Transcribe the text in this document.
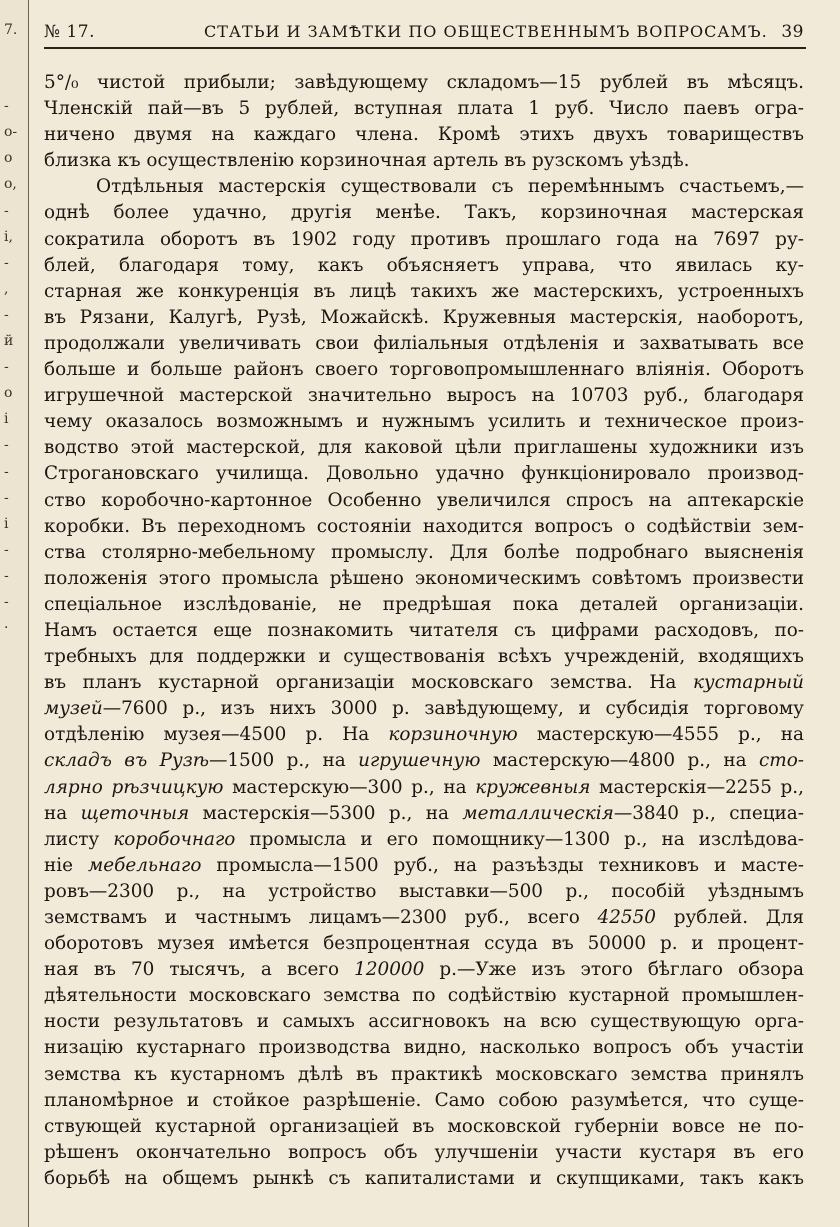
7.
-
о-
о
о,
-
і,
-
,
-
й
-
о
і
-
-
-
і
-
-
-
·
№ 17.	СТАТЬИ И ЗАМѢТКИ ПО ОБЩЕСТВЕННЫМЪ ВОПРОСАМЪ. 39
5°/₀ чистой прибыли; завѣдующему складомъ—15 рублей въ мѣсяцъ.
Членскій пай—въ 5 рублей, вступная плата 1 руб. Число паевъ огра-
ничено двумя на каждаго члена. Кромѣ этихъ двухъ товариществъ
близка къ осуществленію корзиночная артель въ рузскомъ уѣздѣ.
Отдѣльныя мастерскія существовали съ перемѣннымъ счастьемъ,—
однѣ более удачно, другія менѣе. Такъ, корзиночная мастерская
сократила оборотъ въ 1902 году противъ прошлаго года на 7697 ру-
блей, благодаря тому, какъ объясняетъ управа, что явилась ку-
старная же конкуренція въ лицѣ такихъ же мастерскихъ, устроенныхъ
въ Рязани, Калугѣ, Рузѣ, Можайскѣ. Кружевныя мастерскія, наоборотъ,
продолжали увеличивать свои филіальныя отдѣленія и захватывать все
больше и больше районъ своего торговопромышленнаго вліянія. Оборотъ
игрушечной мастерской значительно выросъ на 10703 руб., благодаря
чему оказалось возможнымъ и нужнымъ усилить и техническое произ-
водство этой мастерской, для каковой цѣли приглашены художники изъ
Строгановскаго училища. Довольно удачно функціонировало производ-
ство коробочно-картонное Особенно увеличился спросъ на аптекарскіе
коробки. Въ переходномъ состояніи находится вопросъ о содѣйствіи зем-
ства столярно-мебельному промыслу. Для болѣе подробнаго выясненія
положенія этого промысла рѣшено экономическимъ совѣтомъ произвести
спеціальное изслѣдованіе, не предрѣшая пока деталей организаціи.
Намъ остается еще познакомить читателя съ цифрами расходовъ, по-
требныхъ для поддержки и существованія всѣхъ учрежденій, входящихъ
въ планъ кустарной организаціи московскаго земства. На кустарный
музей—7600 р., изъ нихъ 3000 р. завѣдующему, и субсидія торговому
отдѣленію музея—4500 р. На корзиночную мастерскую—4555 р., на
складъ въ Рузѣ—1500 р., на игрушечную мастерскую—4800 р., на сто-
лярно рѣзчицкую мастерскую—300 р., на кружевныя мастерскія—2255 р.,
на щеточныя мастерскія—5300 р., на металлическія—3840 р., специа-
листу коробочнаго промысла и его помощнику—1300 р., на изслѣдова-
ніе мебельнаго промысла—1500 руб., на разъѣзды техниковъ и масте-
ровъ—2300 р., на устройство выставки—500 р., пособій уѣзднымъ
земствамъ и частнымъ лицамъ—2300 руб., всего 42550 рублей. Для
оборотовъ музея имѣется безпроцентная ссуда въ 50000 р. и процент-
ная въ 70 тысячъ, а всего 120000 р.—Уже изъ этого бѣглаго обзора
дѣятельности московскаго земства по содѣйствію кустарной промышлен-
ности результатовъ и самыхъ ассигновокъ на всю существующую орга-
низацію кустарнаго производства видно, насколько вопросъ объ участіи
земства къ кустарномъ дѣлѣ въ практикѣ московскаго земства принялъ
планомѣрное и стойкое разрѣшеніе. Само собою разумѣется, что суще-
ствующей кустарной организаціей въ московской губерніи вовсе не по-
рѣшенъ окончательно вопросъ объ улучшеніи участи кустаря въ его
борьбѣ на общемъ рынкѣ съ капиталистами и скупщиками, такъ какъ
